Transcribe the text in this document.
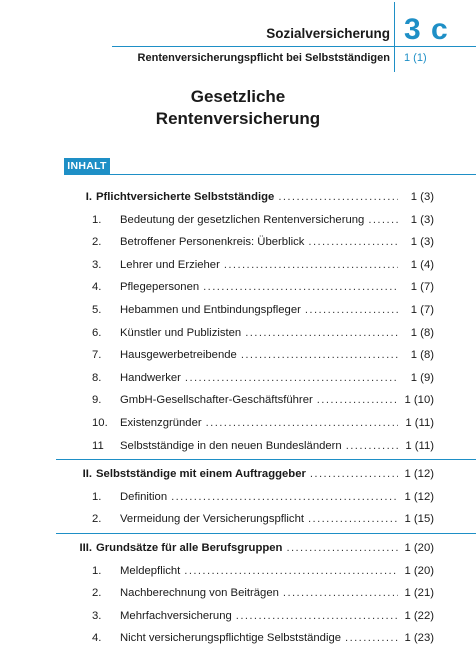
Sozialversicherung 3 c
Rentenversicherungspflicht bei Selbstständigen 1 (1)
Gesetzliche
Rentenversicherung
INHALT
I. Pflichtversicherte Selbstständige .....	1 (3)
1.	Bedeutung der gesetzlichen Rentenversicherung .....	1 (3)
2.	Betroffener Personenkreis: Überblick .....	1 (3)
3.	Lehrer und Erzieher .....	1 (4)
4.	Pflegepersonen .....	1 (7)
5.	Hebammen und Entbindungspfleger .....	1 (7)
6.	Künstler und Publizisten .....	1 (8)
7.	Hausgewerbetreibende .....	1 (8)
8.	Handwerker .....	1 (9)
9.	GmbH-Gesellschafter-Geschäftsführer .....	1 (10)
10.	Existenzgründer .....	1 (11)
11	Selbstständige in den neuen Bundesländern .....	1 (11)
II. Selbstständige mit einem Auftraggeber .....	1 (12)
1.	Definition .....	1 (12)
2.	Vermeidung der Versicherungspflicht .....	1 (15)
III. Grundsätze für alle Berufsgruppen .....	1 (20)
1.	Meldepflicht .....	1 (20)
2.	Nachberechnung von Beiträgen .....	1 (21)
3.	Mehrfachversicherung .....	1 (22)
4.	Nicht versicherungspflichtige Selbstständige .....	1 (23)
